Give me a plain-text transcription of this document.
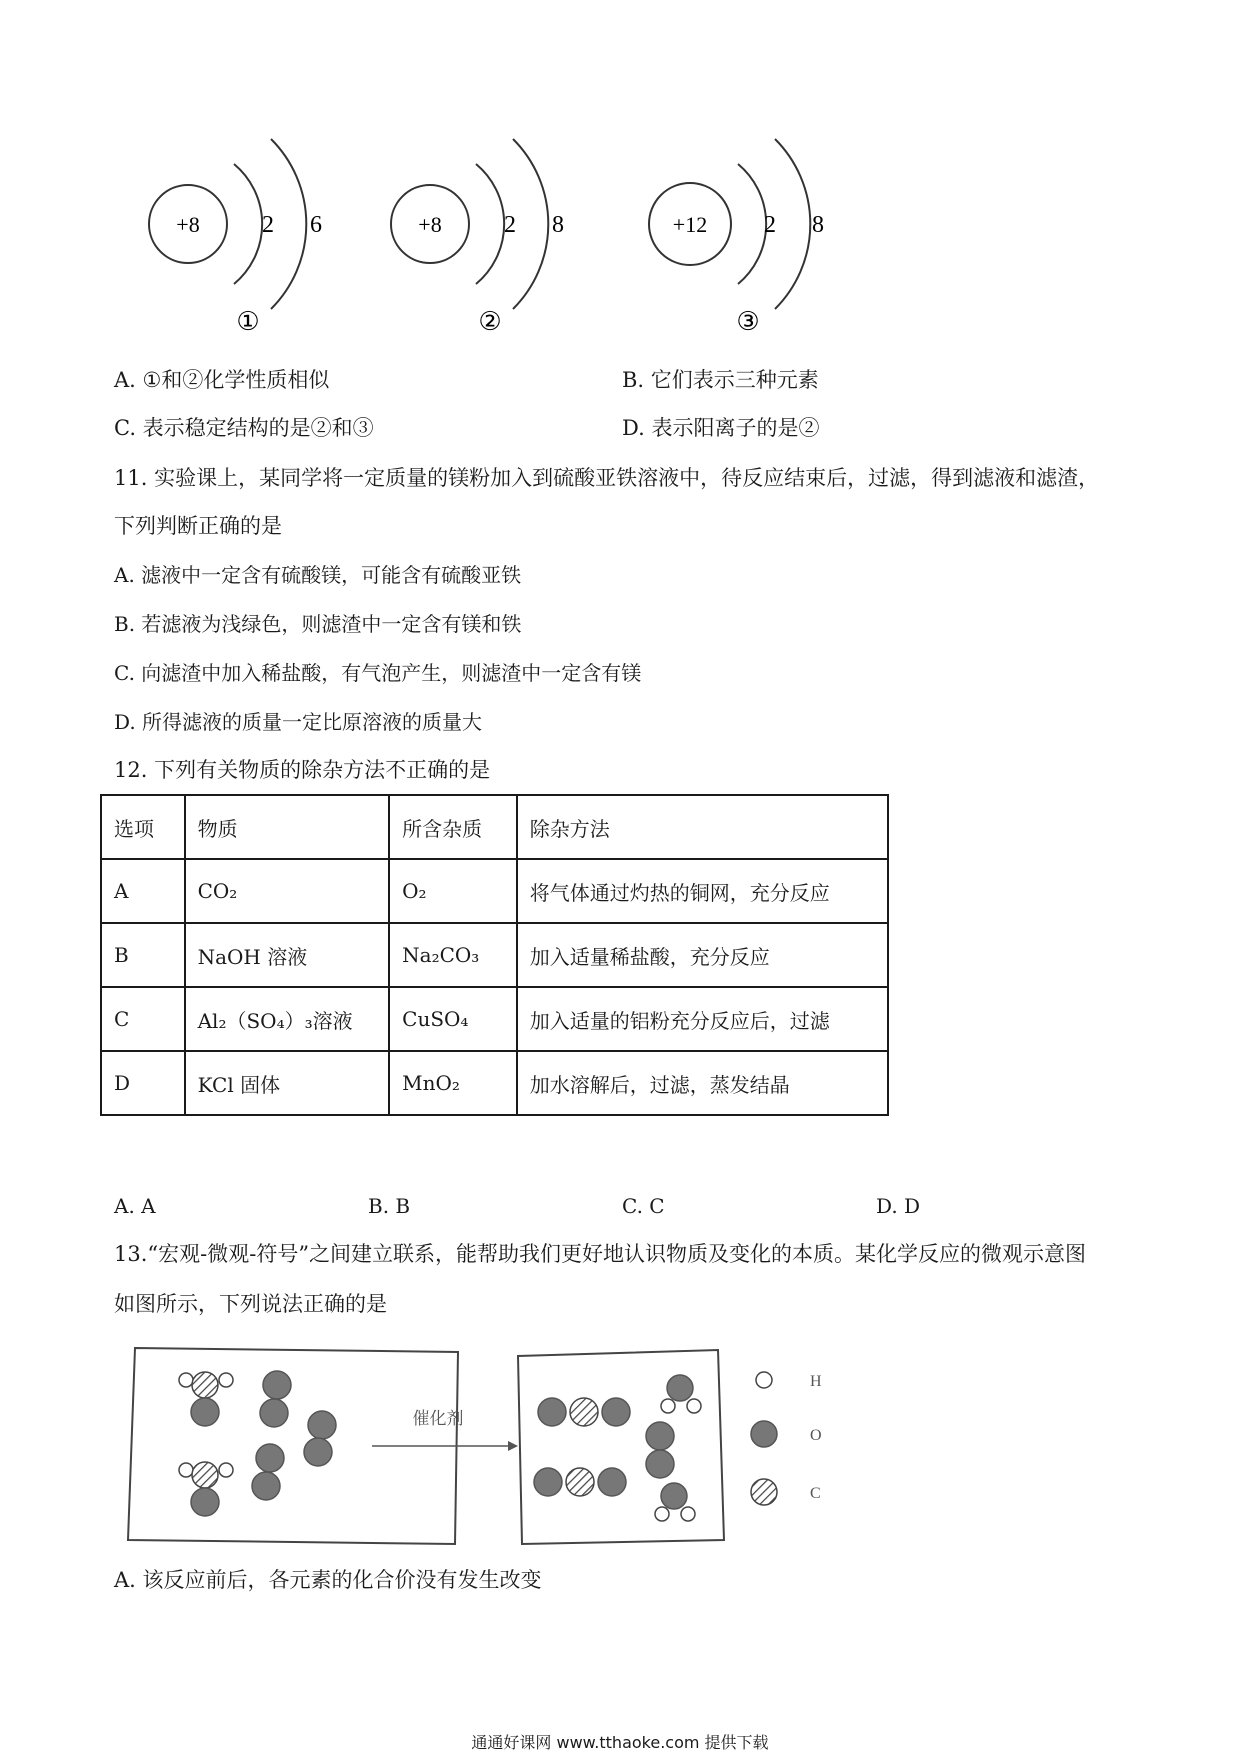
+8	2 6
①
+8	2 8
②
+12 2 8
③
A. ①和②化学性质相似	B. 它们表示三种元素
C. 表示稳定结构的是②和③	D. 表示阳离子的是②
11. 实验课上，某同学将一定质量的镁粉加入到硫酸亚铁溶液中，待反应结束后，过滤，得到滤液和滤渣，
下列判断正确的是
A. 滤液中一定含有硫酸镁，可能含有硫酸亚铁
B. 若滤液为浅绿色，则滤渣中一定含有镁和铁
C. 向滤渣中加入稀盐酸，有气泡产生，则滤渣中一定含有镁
D. 所得滤液的质量一定比原溶液的质量大
12. 下列有关物质的除杂方法不正确的是
选项	物质	所含杂质	除杂方法
A	CO₂	O₂	将气体通过灼热的铜网，充分反应
B	NaOH 溶液	Na₂CO₃	加入适量稀盐酸，充分反应
C	Al₂（SO₄）₃溶液	CuSO₄	加入适量的铝粉充分反应后，过滤
D	KCl 固体	MnO₂	加水溶解后，过滤，蒸发结晶
A. A	B. B	C. C	D. D
13.“宏观-微观-符号”之间建立联系，能帮助我们更好地认识物质及变化的本质。某化学反应的微观示意图
如图所示，下列说法正确的是
催化剂
H
O
C
A. 该反应前后，各元素的化合价没有发生改变
通通好课网 www.tthaoke.com 提供下载
